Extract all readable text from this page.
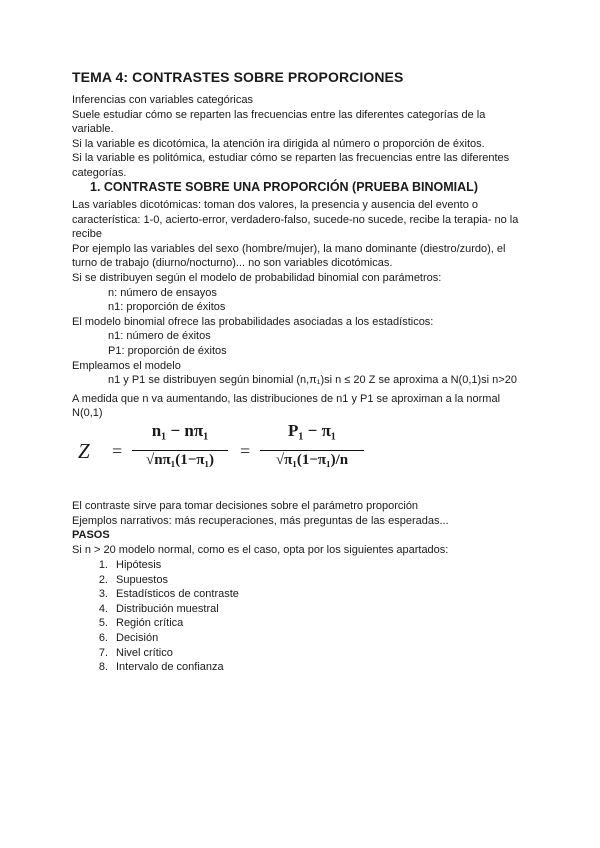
TEMA 4: CONTRASTES SOBRE PROPORCIONES

Inferencias con variables categóricas

Suele estudiar cómo se reparten las frecuencias entre las diferentes categorías de la

variable.

Si la variable es dicotómica, la atención ira dirigida al número o proporción de éxitos.

Si la variable es politómica, estudiar cómo se reparten las frecuencias entre las diferentes

categorías.

1. CONTRASTE SOBRE UNA PROPORCIÓN (PRUEBA BINOMIAL)

Las variables dicotómicas: toman dos valores, la presencia y ausencia del evento o

característica: 1-0, acierto-error, verdadero-falso, sucede-no sucede, recibe la terapia- no la

recibe

Por ejemplo las variables del sexo (hombre/mujer), la mano dominante (diestro/zurdo), el

turno de trabajo (diurno/nocturno)... no son variables dicotómicas.

Si se distribuyen según el modelo de probabilidad binomial con parámetros:

n: número de ensayos

n1: proporción de éxitos

El modelo binomial ofrece las probabilidades asociadas a los estadísticos:

n1: número de éxitos

P1: proporción de éxitos

Empleamos el modelo

n1 y P1 se distribuyen según binomial (n,π₁)si n ≤ 20 Z se aproxima a N(0,1)si n>20

A medida que n va aumentando, las distribuciones de n1 y P1 se aproximan a la normal

N(0,1)

Z =
n₁ − nπ₁
√nπ₁(1−π₁)	=
P₁ − π₁
√π₁(1−π₁)/n

El contraste sirve para tomar decisiones sobre el parámetro proporción

Ejemplos narrativos: más recuperaciones, más preguntas de las esperadas...

PASOS

Si n > 20 modelo normal, como es el caso, opta por los siguientes apartados:

1. Hipótesis
2. Supuestos
3. Estadísticos de contraste
4. Distribución muestral
5. Región crítica
6. Decisión
7. Nivel crítico
8. Intervalo de confianza
